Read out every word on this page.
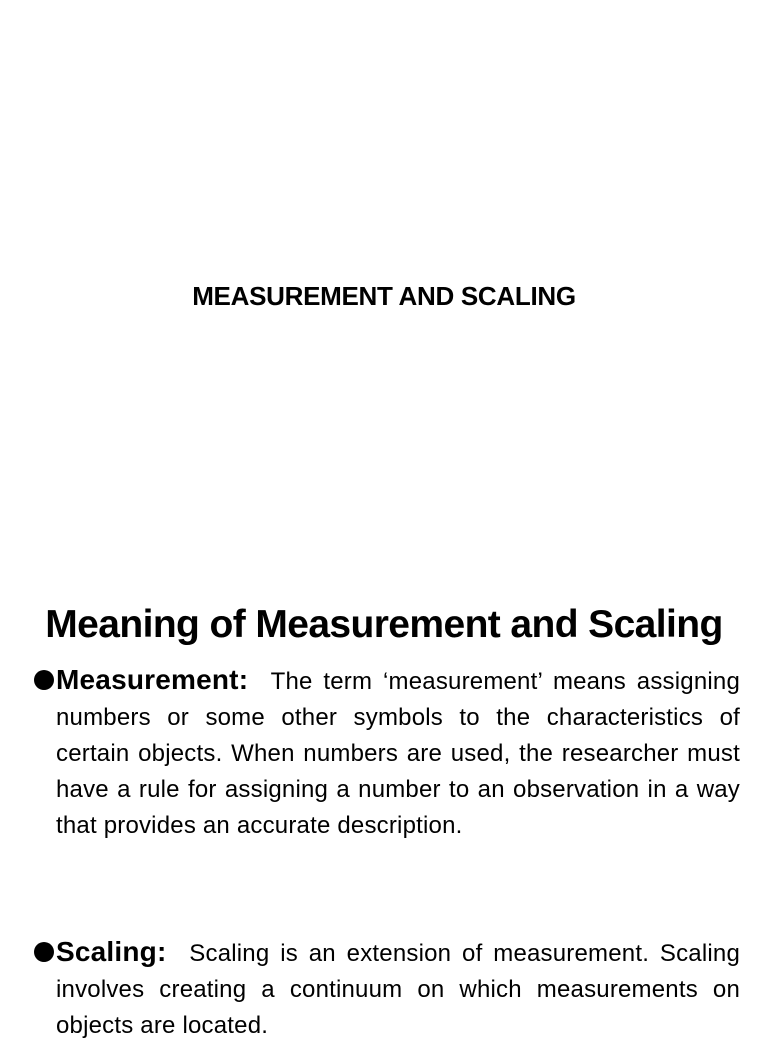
MEASUREMENT AND SCALING
Meaning of Measurement and Scaling
Measurement:  The term ‘measurement’ means assigning numbers or some other symbols to the characteristics of certain objects. When numbers are used, the researcher must have a rule for assigning a number to an observation in a way that provides an accurate description.
Scaling:  Scaling is an extension of measurement. Scaling involves creating a continuum on which measurements on objects are located.
